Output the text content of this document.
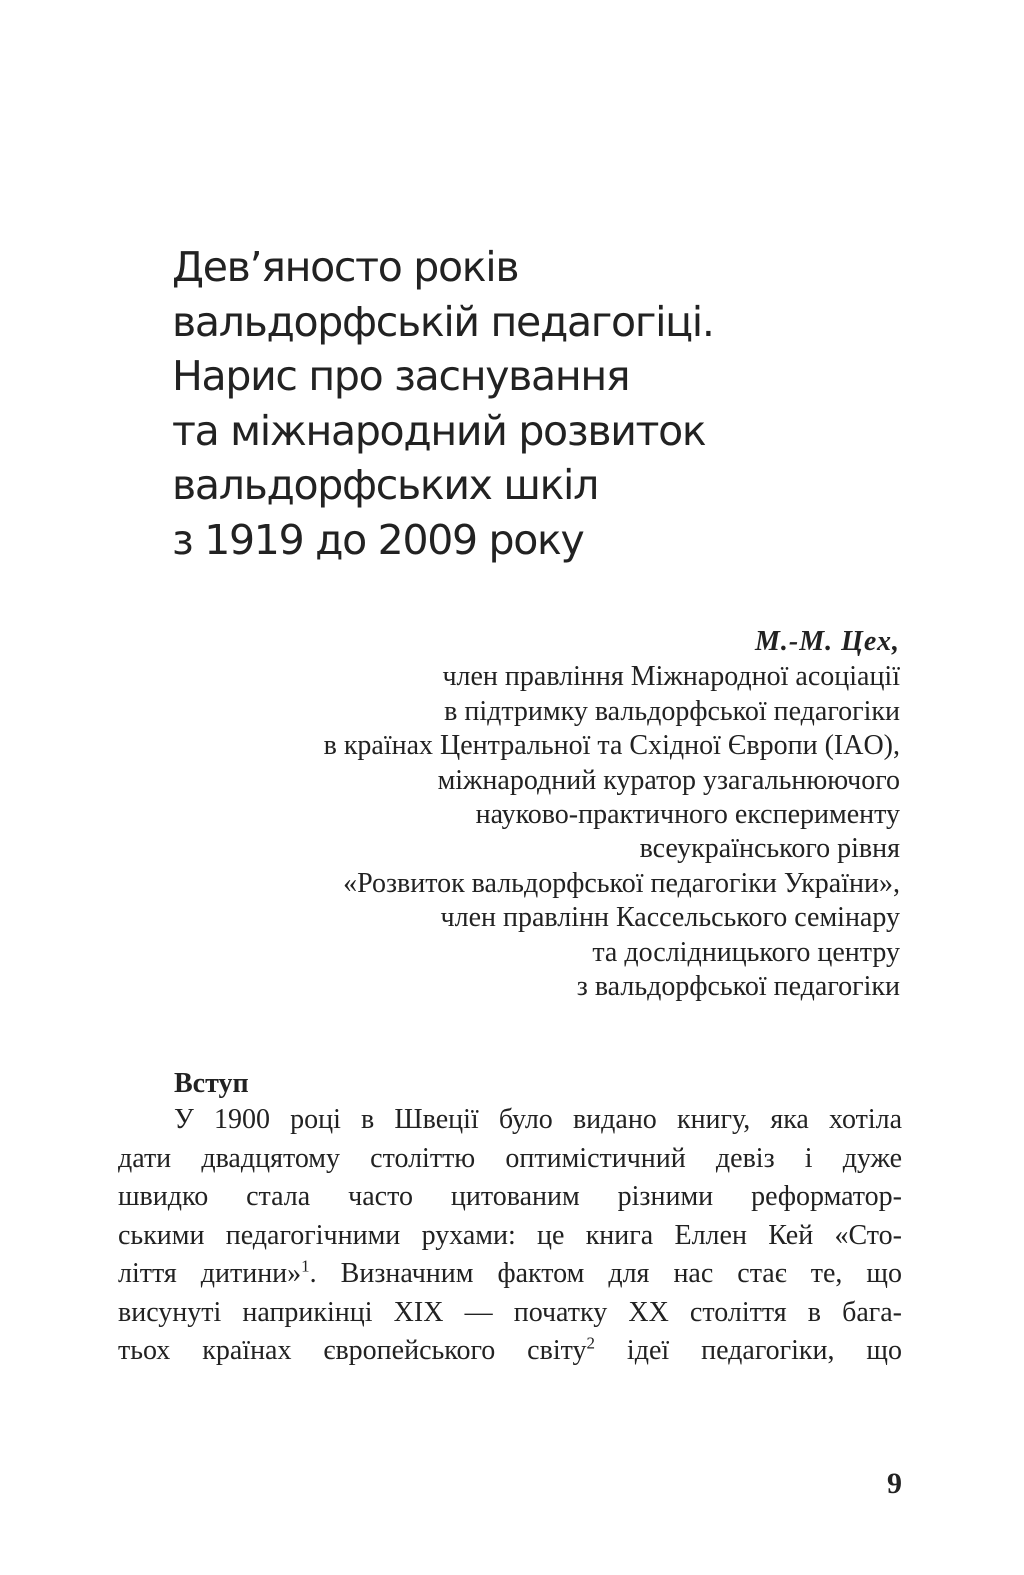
Дев’яносто років
вальдорфській педагогіці.
Нарис про заснування
та міжнародний розвиток
вальдорфських шкіл
з 1919 до 2009 року
М.-М. Цех,
член правління Міжнародної асоціації
в підтримку вальдорфської педагогіки
в країнах Центральної та Східної Європи (IAO),
міжнародний куратор узагальнюючого
науково-практичного експерименту
всеукраїнського рівня
«Розвиток вальдорфської педагогіки України»,
член правлінн Кассельського семінару
та дослідницького центру
з вальдорфської педагогіки
Вступ
У 1900 році в Швеції було видано книгу, яка хотіла
дати двадцятому століттю оптимістичний девіз і дуже
швидко стала часто цитованим різними реформатор-
ськими педагогічними рухами: це книга Еллен Кей «Сто-
ліття дитини»$^1$. Визначним фактом для нас стає те, що
висунуті наприкінці XIX — початку XX століття в бага-
тьох країнах європейського світу$^2$ ідеї педагогіки, що
9
